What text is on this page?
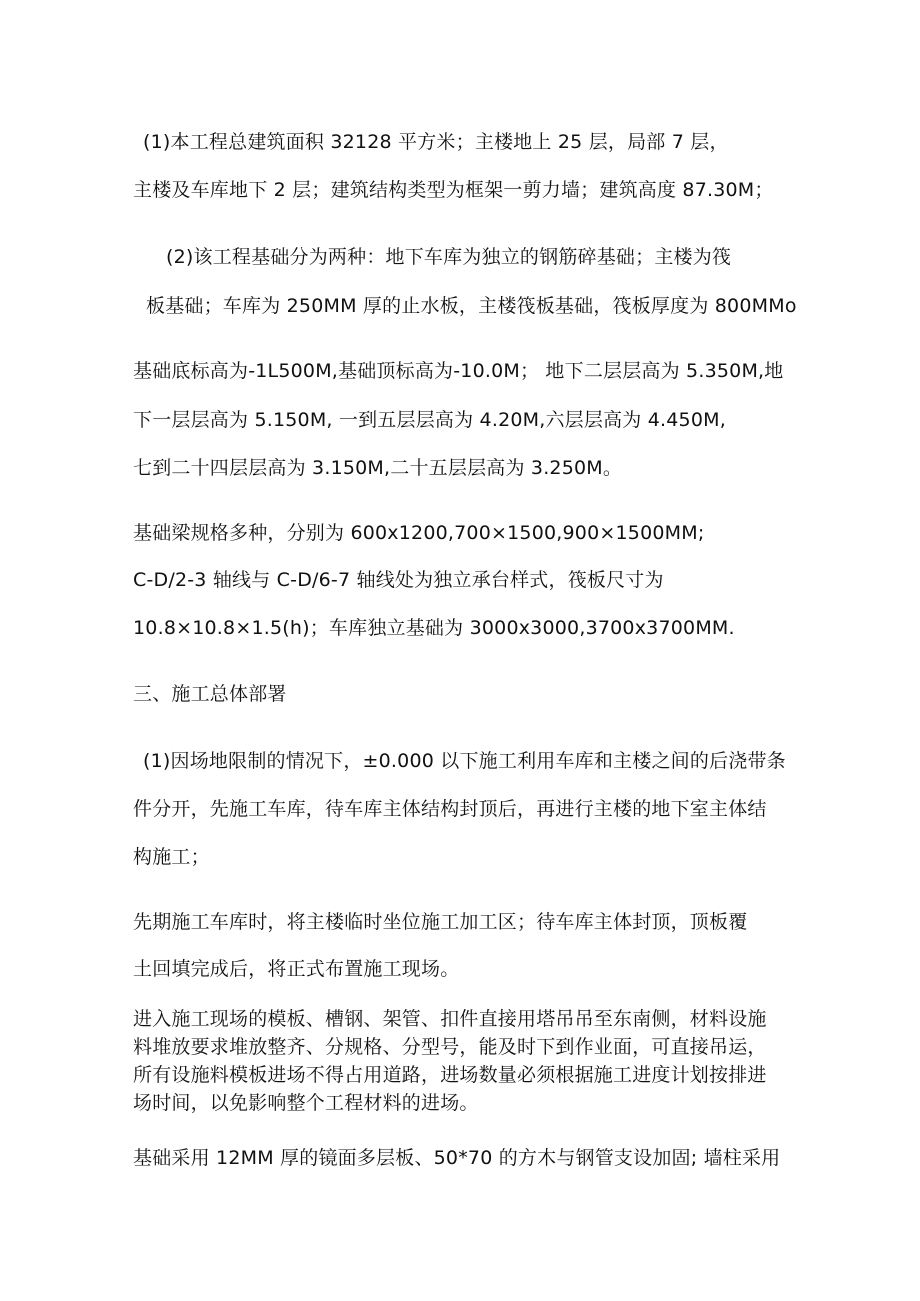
(1)本工程总建筑面积 32128 平方米；主楼地上 25 层，局部 7 层，
主楼及车库地下 2 层；建筑结构类型为框架一剪力墙；建筑高度 87.30M；
(2)该工程基础分为两种：地下车库为独立的钢筋碎基础；主楼为筏
板基础；车库为 250MM 厚的止水板，主楼筏板基础，筏板厚度为 800MMo
基础底标高为-1L500M,基础顶标高为-10.0M； 地下二层层高为 5.350M,地
下一层层高为 5.150M, 一到五层层高为 4.20M,六层层高为 4.450M,
七到二十四层层高为 3.150M,二十五层层高为 3.250M。
基础梁规格多种，分别为 600x1200,700×1500,900×1500MM;
C-D/2-3 轴线与 C-D/6-7 轴线处为独立承台样式，筏板尺寸为
10.8×10.8×1.5(h)；车库独立基础为 3000x3000,3700x3700MM.
三、施工总体部署
(1)因场地限制的情况下，±0.000 以下施工利用车库和主楼之间的后浇带条
件分开，先施工车库，待车库主体结构封顶后，再进行主楼的地下室主体结
构施工；
先期施工车库时，将主楼临时坐位施工加工区；待车库主体封顶，顶板覆
土回填完成后，将正式布置施工现场。
进入施工现场的模板、槽钢、架管、扣件直接用塔吊吊至东南侧，材料设施
料堆放要求堆放整齐、分规格、分型号，能及时下到作业面，可直接吊运，
所有设施料模板进场不得占用道路，进场数量必须根据施工进度计划按排进
场时间，以免影响整个工程材料的进场。
基础采用 12MM 厚的镜面多层板、50*70 的方木与钢管支设加固; 墙柱采用
